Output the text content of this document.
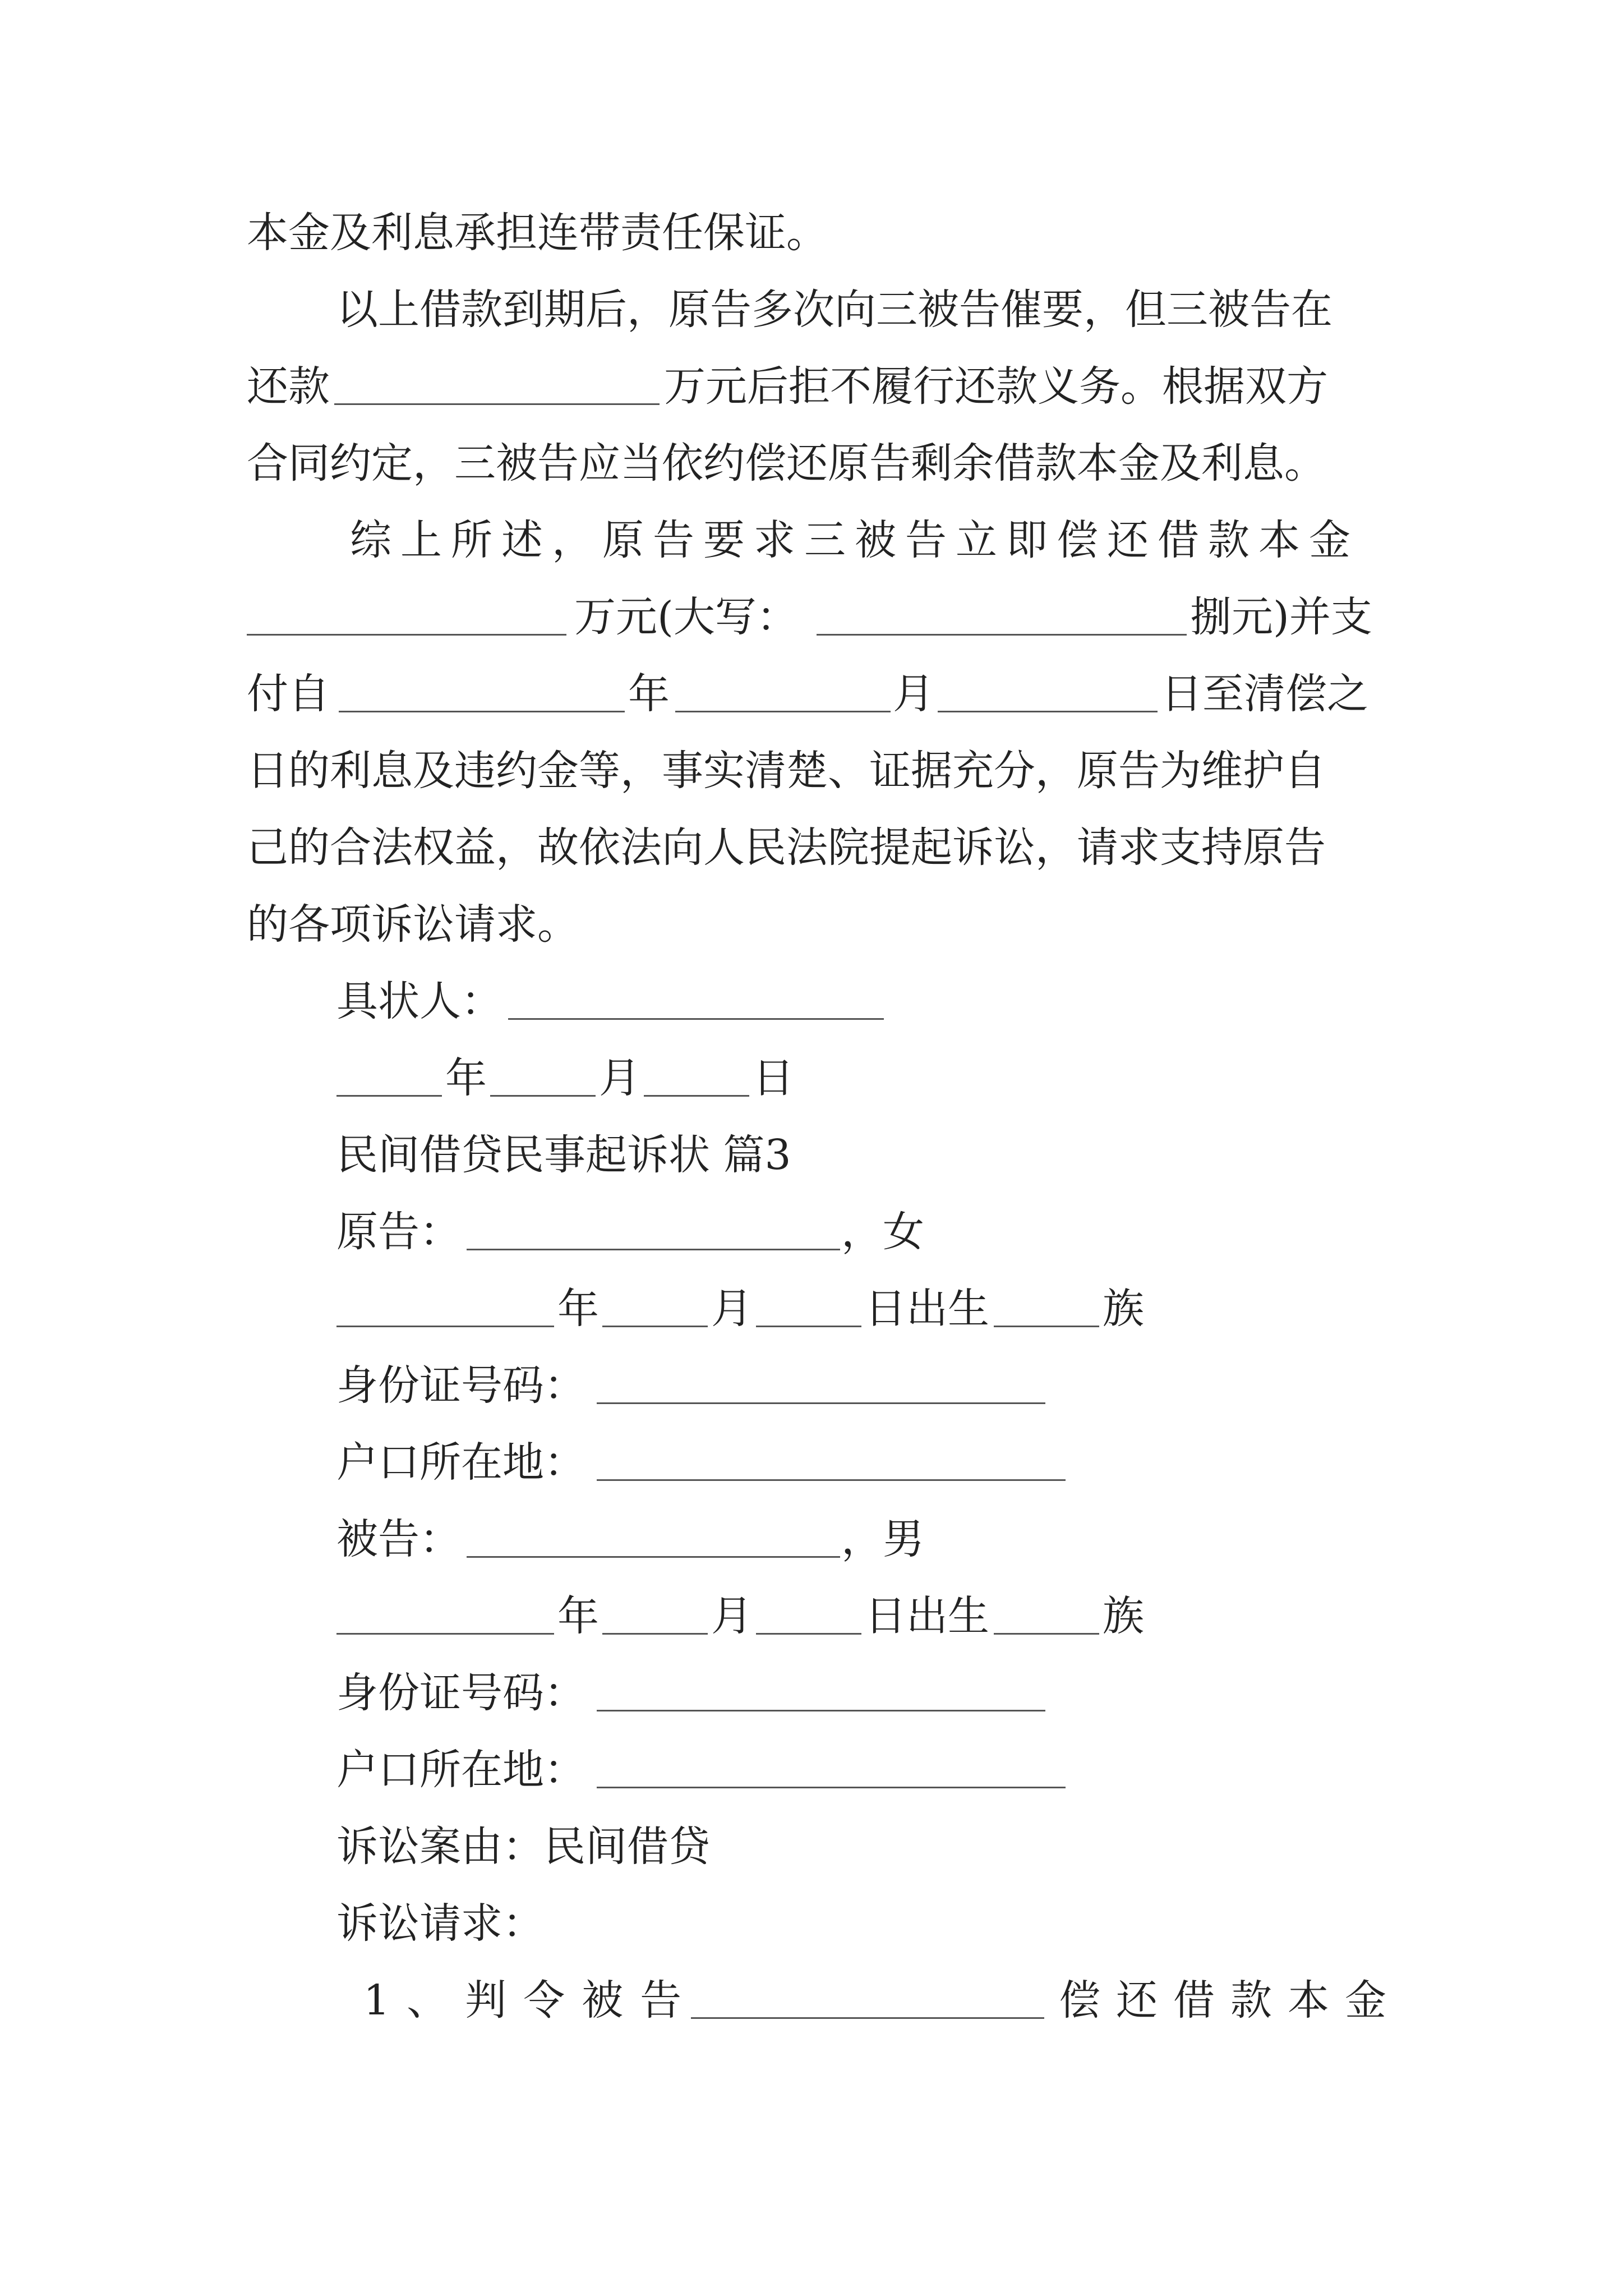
本金及利息承担连带责任保证。
以上借款到期后，原告多次向三被告催要，但三被告在
还款	万元后拒不履行还款义务。根据双方
合同约定，三被告应当依约偿还原告剩余借款本金及利息。
综上所述，原告要求三被告立即偿还借款本金
万元(大写：	捌元)并支
付自	年	月	日至清偿之
日的利息及违约金等，事实清楚、证据充分，原告为维护自
己的合法权益，故依法向人民法院提起诉讼，请求支持原告
的各项诉讼请求。
具状人：
年	月	日
民间借贷民事起诉状 篇3
原告：	，女
年	月	日出生	族
身份证号码：
户口所在地：
被告：	，男
年	月	日出生	族
身份证号码：
户口所在地：
诉讼案由：民间借贷
诉讼请求：
1、判令被告	偿还借款本金
